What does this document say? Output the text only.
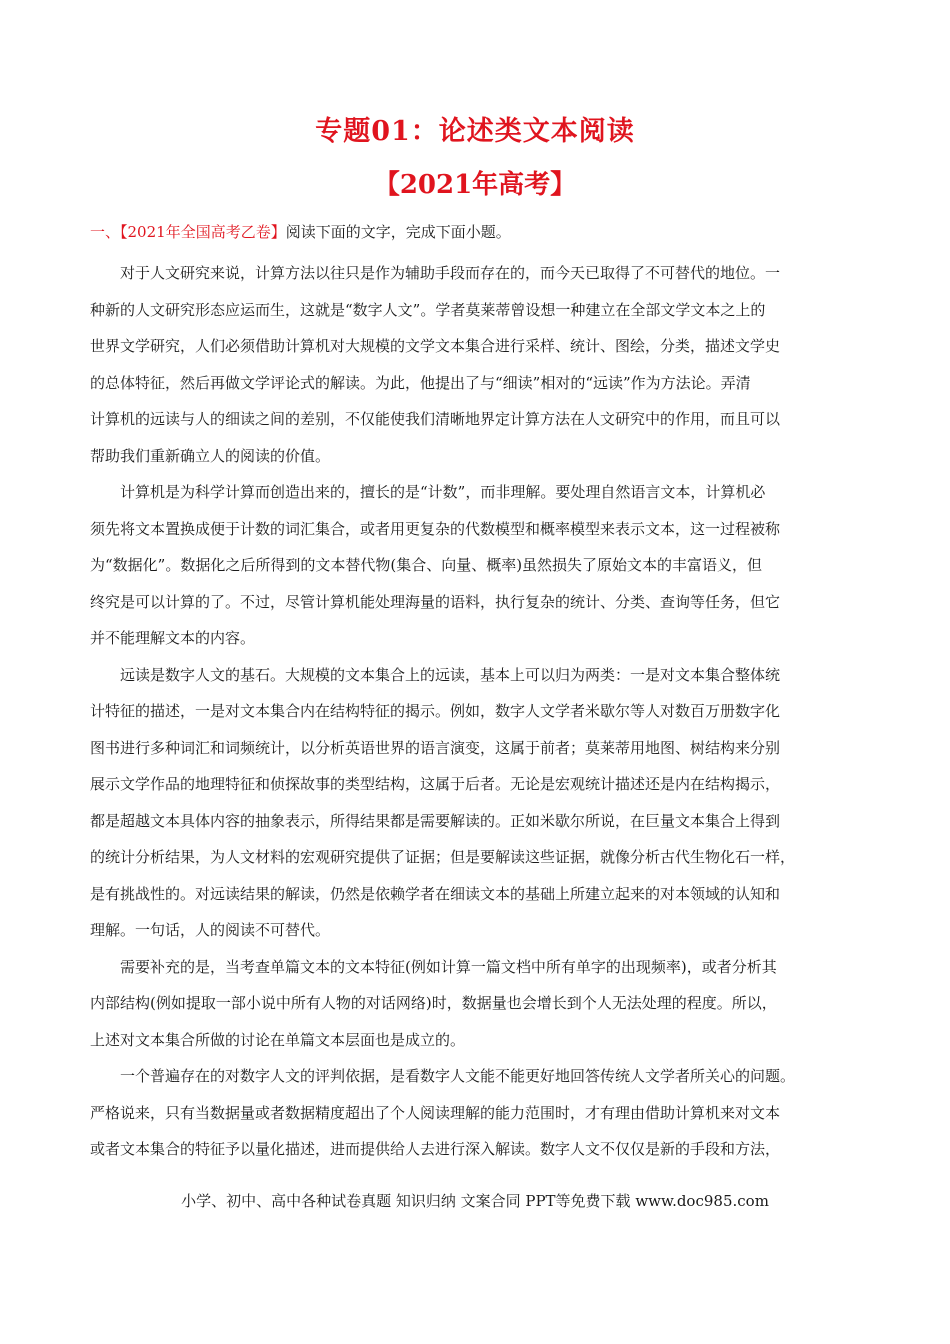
专题01：论述类文本阅读
【2021年高考】
一、【2021年全国高考乙卷】阅读下面的文字，完成下面小题。
对于人文研究来说，计算方法以往只是作为辅助手段而存在的，而今天已取得了不可替代的地位。一
种新的人文研究形态应运而生，这就是“数字人文”。学者莫莱蒂曾设想一种建立在全部文学文本之上的
世界文学研究，人们必须借助计算机对大规模的文学文本集合进行采样、统计、图绘，分类，描述文学史
的总体特征，然后再做文学评论式的解读。为此，他提出了与“细读”相对的“远读”作为方法论。弄清
计算机的远读与人的细读之间的差别，不仅能使我们清晰地界定计算方法在人文研究中的作用，而且可以
帮助我们重新确立人的阅读的价值。
计算机是为科学计算而创造出来的，擅长的是“计数”，而非理解。要处理自然语言文本，计算机必
须先将文本置换成便于计数的词汇集合，或者用更复杂的代数模型和概率模型来表示文本，这一过程被称
为“数据化”。数据化之后所得到的文本替代物(集合、向量、概率)虽然损失了原始文本的丰富语义，但
终究是可以计算的了。不过，尽管计算机能处理海量的语料，执行复杂的统计、分类、查询等任务，但它
并不能理解文本的内容。
远读是数字人文的基石。大规模的文本集合上的远读，基本上可以归为两类：一是对文本集合整体统
计特征的描述，一是对文本集合内在结构特征的揭示。例如，数字人文学者米歇尔等人对数百万册数字化
图书进行多种词汇和词频统计，以分析英语世界的语言演变，这属于前者；莫莱蒂用地图、树结构来分别
展示文学作品的地理特征和侦探故事的类型结构，这属于后者。无论是宏观统计描述还是内在结构揭示，
都是超越文本具体内容的抽象表示，所得结果都是需要解读的。正如米歇尔所说，在巨量文本集合上得到
的统计分析结果，为人文材料的宏观研究提供了证据；但是要解读这些证据，就像分析古代生物化石一样，
是有挑战性的。对远读结果的解读，仍然是依赖学者在细读文本的基础上所建立起来的对本领域的认知和
理解。一句话，人的阅读不可替代。
需要补充的是，当考查单篇文本的文本特征(例如计算一篇文档中所有单字的出现频率)，或者分析其
内部结构(例如提取一部小说中所有人物的对话网络)时，数据量也会增长到个人无法处理的程度。所以，
上述对文本集合所做的讨论在单篇文本层面也是成立的。
一个普遍存在的对数字人文的评判依据，是看数字人文能不能更好地回答传统人文学者所关心的问题。
严格说来，只有当数据量或者数据精度超出了个人阅读理解的能力范围时，才有理由借助计算机来对文本
或者文本集合的特征予以量化描述，进而提供给人去进行深入解读。数字人文不仅仅是新的手段和方法，
小学、初中、高中各种试卷真题 知识归纳 文案合同 PPT等免费下载 www.doc985.com
